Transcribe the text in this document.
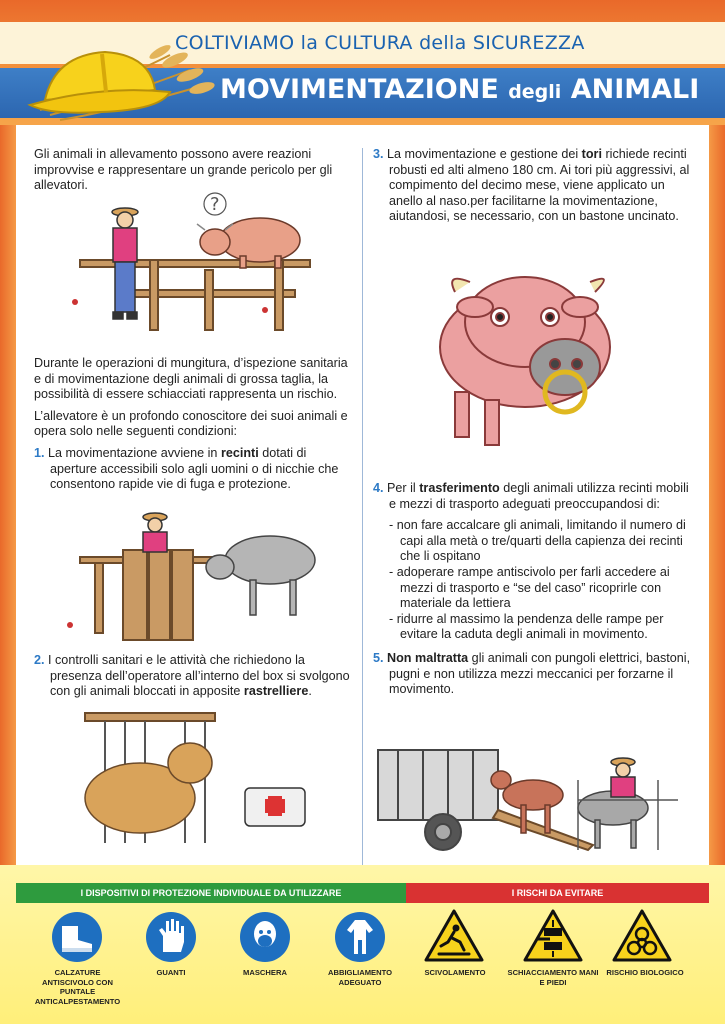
COLTIVIAMO la CULTURA della SICUREZZA
MOVIMENTAZIONE degli ANIMALI

Gli animali in allevamento possono avere reazioni improvvise e rappresentare un grande pericolo per gli allevatori.

?

Durante le operazioni di mungitura, d’ispezione sanitaria e di movimentazione degli animali di grossa taglia, la possibilità di essere schiacciati rappresenta un rischio.

L’allevatore è un profondo conoscitore dei suoi animali e opera solo nelle seguenti condizioni:

1. La movimentazione avviene in recinti dotati di aperture accessibili solo agli uomini o di nicchie che consentono rapide vie di fuga e protezione.

2. I controlli sanitari e le attività che richiedono la presenza dell’operatore all’interno del box si svolgono con gli animali bloccati in apposite rastrelliere.

3. La movimentazione e gestione dei tori richiede recinti robusti ed alti almeno 180 cm. Ai tori più aggressivi, al compimento del decimo mese, viene applicato un anello al naso.per facilitarne la movimentazione, aiutandosi, se necessario, con un bastone uncinato.

4. Per il trasferimento degli animali utilizza recinti mobili e mezzi di trasporto adeguati preoccupandosi di:

- non fare accalcare gli animali, limitando il numero di capi alla metà o tre/quarti della capienza dei recinti che li ospitano
- adoperare rampe antiscivolo per farli accedere ai mezzi di trasporto e “se del caso” ricoprirle con materiale da lettiera
- ridurre al massimo la pendenza delle rampe per evitare la caduta degli animali in movimento.

5. Non maltratta gli animali con pungoli elettrici, bastoni, pugni e non utilizza mezzi meccanici per forzarne il movimento.

I DISPOSITIVI DI PROTEZIONE INDIVIDUALE DA UTILIZZARE	I RISCHI DA EVITARE
CALZATURE ANTISCIVOLO CON PUNTALE ANTICALPESTAMENTO
GUANTI	MASCHERA	ABBIGLIAMENTO ADEGUATO
SCIVOLAMENTO	SCHIACCIAMENTO MANI E PIEDI
RISCHIO BIOLOGICO
